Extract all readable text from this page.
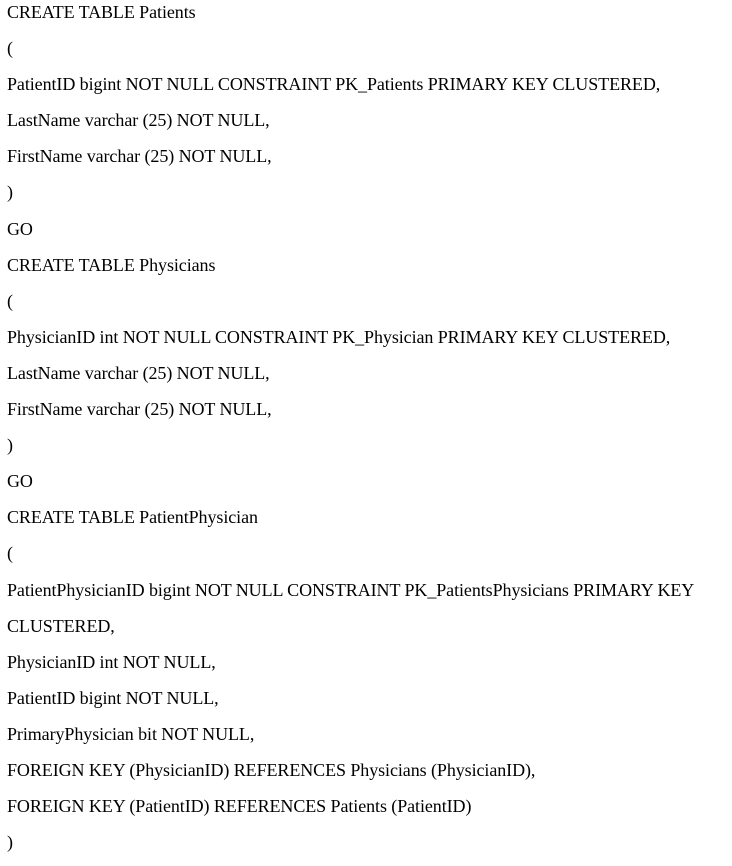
CREATE TABLE Patients
(
PatientID bigint NOT NULL CONSTRAINT PK_Patients PRIMARY KEY CLUSTERED,
LastName varchar (25) NOT NULL,
FirstName varchar (25) NOT NULL,
)
GO
CREATE TABLE Physicians
(
PhysicianID int NOT NULL CONSTRAINT PK_Physician PRIMARY KEY CLUSTERED,
LastName varchar (25) NOT NULL,
FirstName varchar (25) NOT NULL,
)
GO
CREATE TABLE PatientPhysician
(
PatientPhysicianID bigint NOT NULL CONSTRAINT PK_PatientsPhysicians PRIMARY KEY
CLUSTERED,
PhysicianID int NOT NULL,
PatientID bigint NOT NULL,
PrimaryPhysician bit NOT NULL,
FOREIGN KEY (PhysicianID) REFERENCES Physicians (PhysicianID),
FOREIGN KEY (PatientID) REFERENCES Patients (PatientID)
)
